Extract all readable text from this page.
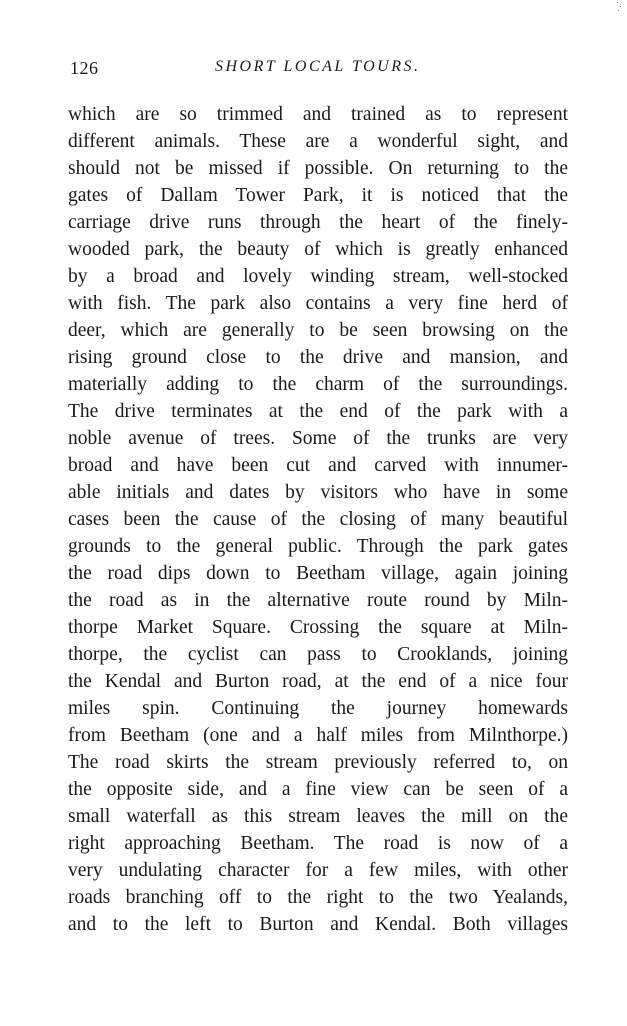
126	SHORT LOCAL TOURS.
which are so trimmed and trained as to represent
different animals. These are a wonderful sight, and
should not be missed if possible. On returning to the
gates of Dallam Tower Park, it is noticed that the
carriage drive runs through the heart of the finely-
wooded park, the beauty of which is greatly enhanced
by a broad and lovely winding stream, well-stocked
with fish. The park also contains a very fine herd of
deer, which are generally to be seen browsing on the
rising ground close to the drive and mansion, and
materially adding to the charm of the surroundings.
The drive terminates at the end of the park with a
noble avenue of trees. Some of the trunks are very
broad and have been cut and carved with innumer-
able initials and dates by visitors who have in some
cases been the cause of the closing of many beautiful
grounds to the general public. Through the park gates
the road dips down to Beetham village, again joining
the road as in the alternative route round by Miln-
thorpe Market Square. Crossing the square at Miln-
thorpe, the cyclist can pass to Crooklands, joining
the Kendal and Burton road, at the end of a nice four
miles spin. Continuing the journey homewards
from Beetham (one and a half miles from Milnthorpe.)
The road skirts the stream previously referred to, on
the opposite side, and a fine view can be seen of a
small waterfall as this stream leaves the mill on the
right approaching Beetham. The road is now of a
very undulating character for a few miles, with other
roads branching off to the right to the two Yealands,
and to the left to Burton and Kendal. Both villages
